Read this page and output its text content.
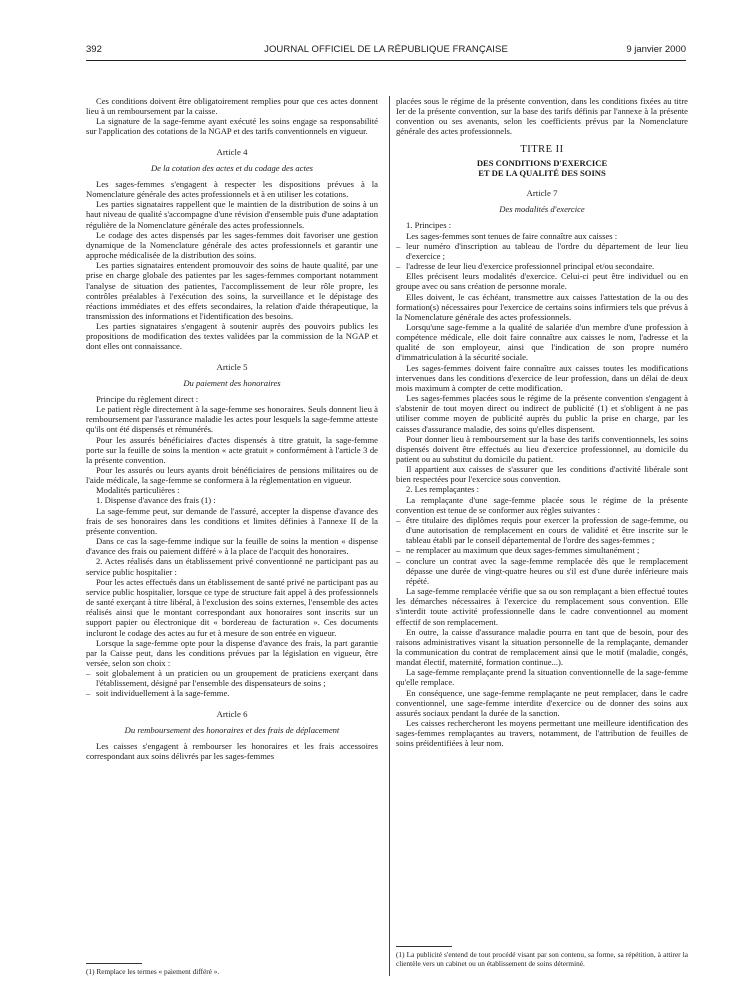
392	JOURNAL OFFICIEL DE LA RÉPUBLIQUE FRANÇAISE	9 janvier 2000

Ces conditions doivent être obligatoirement remplies pour que ces actes donnent lieu à un remboursement par la caisse.

La signature de la sage-femme ayant exécuté les soins engage sa responsabilité sur l'application des cotations de la NGAP et des tarifs conventionnels en vigueur.

Article 4
De la cotation des actes et du codage des actes

Les sages-femmes s'engagent à respecter les dispositions prévues à la Nomenclature générale des actes professionnels et à en utiliser les cotations.

Les parties signataires rappellent que le maintien de la distribution de soins à un haut niveau de qualité s'accompagne d'une révision d'ensemble puis d'une adaptation régulière de la Nomenclature générale des actes professionnels.

Le codage des actes dispensés par les sages-femmes doit favoriser une gestion dynamique de la Nomenclature générale des actes professionnels et garantir une approche médicalisée de la distribution des soins.

Les parties signataires entendent promouvoir des soins de haute qualité, par une prise en charge globale des patientes par les sages-femmes comportant notamment l'analyse de situation des patientes, l'accomplissement de leur rôle propre, les contrôles préalables à l'exécution des soins, la surveillance et le dépistage des réactions immédiates et des effets secondaires, la relation d'aide thérapeutique, la transmission des informations et l'identification des besoins.

Les parties signataires s'engagent à soutenir auprès des pouvoirs publics les propositions de modification des textes validées par la commission de la NGAP et dont elles ont connaissance.

Article 5
Du paiement des honoraires

Principe du règlement direct :

Le patient règle directement à la sage-femme ses honoraires. Seuls donnent lieu à remboursement par l'assurance maladie les actes pour lesquels la sage-femme atteste qu'ils ont été dispensés et rémunérés.

Pour les assurés bénéficiaires d'actes dispensés à titre gratuit, la sage-femme porte sur la feuille de soins la mention « acte gratuit » conformément à l'article 3 de la présente convention.

Pour les assurés ou leurs ayants droit bénéficiaires de pensions militaires ou de l'aide médicale, la sage-femme se conformera à la réglementation en vigueur.

Modalités particulières :

1. Dispense d'avance des frais (1) :

La sage-femme peut, sur demande de l'assuré, accepter la dispense d'avance des frais de ses honoraires dans les conditions et limites définies à l'annexe II de la présente convention.

Dans ce cas la sage-femme indique sur la feuille de soins la mention « dispense d'avance des frais ou paiement différé » à la place de l'acquit des honoraires.

2. Actes réalisés dans un établissement privé conventionné ne participant pas au service public hospitalier :

Pour les actes effectués dans un établissement de santé privé ne participant pas au service public hospitalier, lorsque ce type de structure fait appel à des professionnels de santé exerçant à titre libéral, à l'exclusion des soins externes, l'ensemble des actes réalisés ainsi que le montant correspondant aux honoraires sont inscrits sur un support papier ou électronique dit « bordereau de facturation ». Ces documents incluront le codage des actes au fur et à mesure de son entrée en vigueur.

Lorsque la sage-femme opte pour la dispense d'avance des frais, la part garantie par la Caisse peut, dans les conditions prévues par la législation en vigueur, être versée, selon son choix :

– soit globalement à un praticien ou un groupement de praticiens exerçant dans l'établissement, désigné par l'ensemble des dispensateurs de soins ;
– soit individuellement à la sage-femme.
Article 6
Du remboursement des honoraires et des frais de déplacement

Les caisses s'engagent à rembourser les honoraires et les frais accessoires correspondant aux soins délivrés par les sages-femmes

(1) Remplace les termes « paiement différé ».

placées sous le régime de la présente convention, dans les conditions fixées au titre Ier de la présente convention, sur la base des tarifs définis par l'annexe à la présente convention ou ses avenants, selon les coefficients prévus par la Nomenclature générale des actes professionnels.

TITRE II
DES CONDITIONS D'EXERCICE
ET DE LA QUALITÉ DES SOINS
Article 7
Des modalités d'exercice

1. Principes :

Les sages-femmes sont tenues de faire connaître aux caisses :

– leur numéro d'inscription au tableau de l'ordre du département de leur lieu d'exercice ;
– l'adresse de leur lieu d'exercice professionnel principal et/ou secondaire.

Elles précisent leurs modalités d'exercice. Celui-ci peut être individuel ou en groupe avec ou sans création de personne morale.

Elles doivent, le cas échéant, transmettre aux caisses l'attestation de la ou des formation(s) nécessaires pour l'exercice de certains soins infirmiers tels que prévus à la Nomenclature générale des actes professionnels.

Lorsqu'une sage-femme a la qualité de salariée d'un membre d'une profession à compétence médicale, elle doit faire connaître aux caisses le nom, l'adresse et la qualité de son employeur, ainsi que l'indication de son propre numéro d'immatriculation à la sécurité sociale.

Les sages-femmes doivent faire connaître aux caisses toutes les modifications intervenues dans les conditions d'exercice de leur profession, dans un délai de deux mois maximum à compter de cette modification.

Les sages-femmes placées sous le régime de la présente convention s'engagent à s'abstenir de tout moyen direct ou indirect de publicité (1) et s'obligent à ne pas utiliser comme moyen de publicité auprès du public la prise en charge, par les caisses d'assurance maladie, des soins qu'elles dispensent.

Pour donner lieu à remboursement sur la base des tarifs conventionnels, les soins dispensés doivent être effectués au lieu d'exercice professionnel, au domicile du patient ou au substitut du domicile du patient.

Il appartient aux caisses de s'assurer que les conditions d'activité libérale sont bien respectées pour l'exercice sous convention.

2. Les remplaçantes :

La remplaçante d'une sage-femme placée sous le régime de la présente convention est tenue de se conformer aux règles suivantes :

– être titulaire des diplômes requis pour exercer la profession de sage-femme, ou d'une autorisation de remplacement en cours de validité et être inscrite sur le tableau établi par le conseil départemental de l'ordre des sages-femmes ;
– ne remplacer au maximum que deux sages-femmes simultanément ;
– conclure un contrat avec la sage-femme remplacée dès que le remplacement dépasse une durée de vingt-quatre heures ou s'il est d'une durée inférieure mais répété.

La sage-femme remplacée vérifie que sa ou son remplaçant a bien effectué toutes les démarches nécessaires à l'exercice du remplacement sous convention. Elle s'interdit toute activité professionnelle dans le cadre conventionnel au moment effectif de son remplacement.

En outre, la caisse d'assurance maladie pourra en tant que de besoin, pour des raisons administratives visant la situation personnelle de la remplaçante, demander la communication du contrat de remplacement ainsi que le motif (maladie, congés, mandat électif, maternité, formation continue...).

La sage-femme remplaçante prend la situation conventionnelle de la sage-femme qu'elle remplace.

En conséquence, une sage-femme remplaçante ne peut remplacer, dans le cadre conventionnel, une sage-femme interdite d'exercice ou de donner des soins aux assurés sociaux pendant la durée de la sanction.

Les caisses rechercheront les moyens permettant une meilleure identification des sages-femmes remplaçantes au travers, notamment, de l'attribution de feuilles de soins préidentifiées à leur nom.

(1) La publicité s'entend de tout procédé visant par son contenu, sa forme, sa répétition, à attirer la clientèle vers un cabinet ou un établissement de soins déterminé.
